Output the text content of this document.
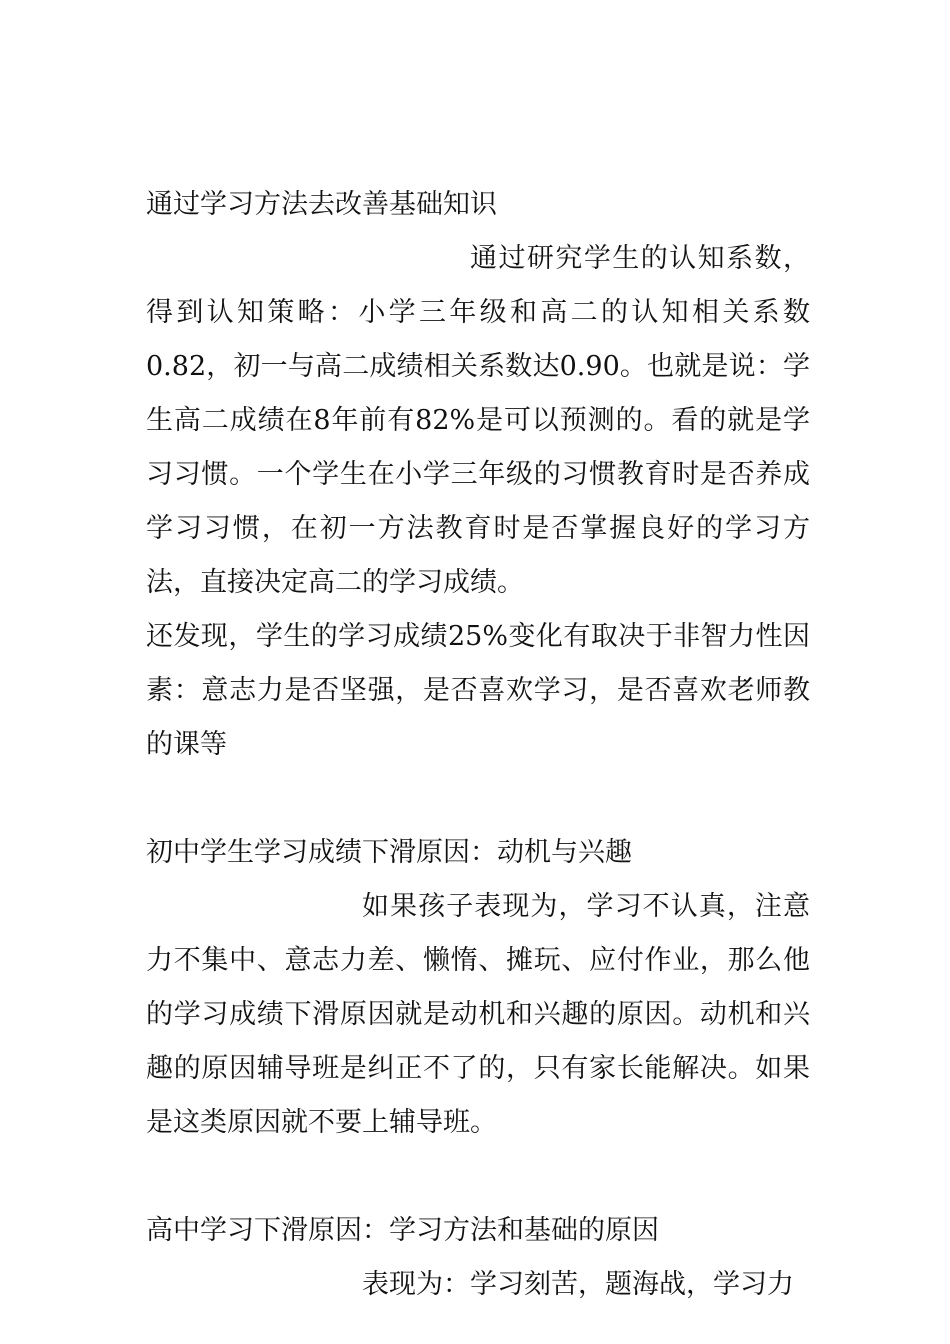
通过学习方法去改善基础知识

通过研究学生的认知系数，得到认知策略：小学三年级和高二的认知相关系数0.82，初一与高二成绩相关系数达0.90。也就是说：学生高二成绩在8年前有82%是可以预测的。看的就是学习习惯。一个学生在小学三年级的习惯教育时是否养成学习习惯，在初一方法教育时是否掌握良好的学习方法，直接决定高二的学习成绩。

还发现，学生的学习成绩25%变化有取决于非智力性因素：意志力是否坚强，是否喜欢学习，是否喜欢老师教的课等

初中学生学习成绩下滑原因：动机与兴趣

如果孩子表现为，学习不认真，注意力不集中、意志力差、懒惰、摊玩、应付作业，那么他的学习成绩下滑原因就是动机和兴趣的原因。动机和兴趣的原因辅导班是纠正不了的，只有家长能解决。如果是这类原因就不要上辅导班。

高中学习下滑原因：学习方法和基础的原因

表现为：学习刻苦，题海战，学习力
